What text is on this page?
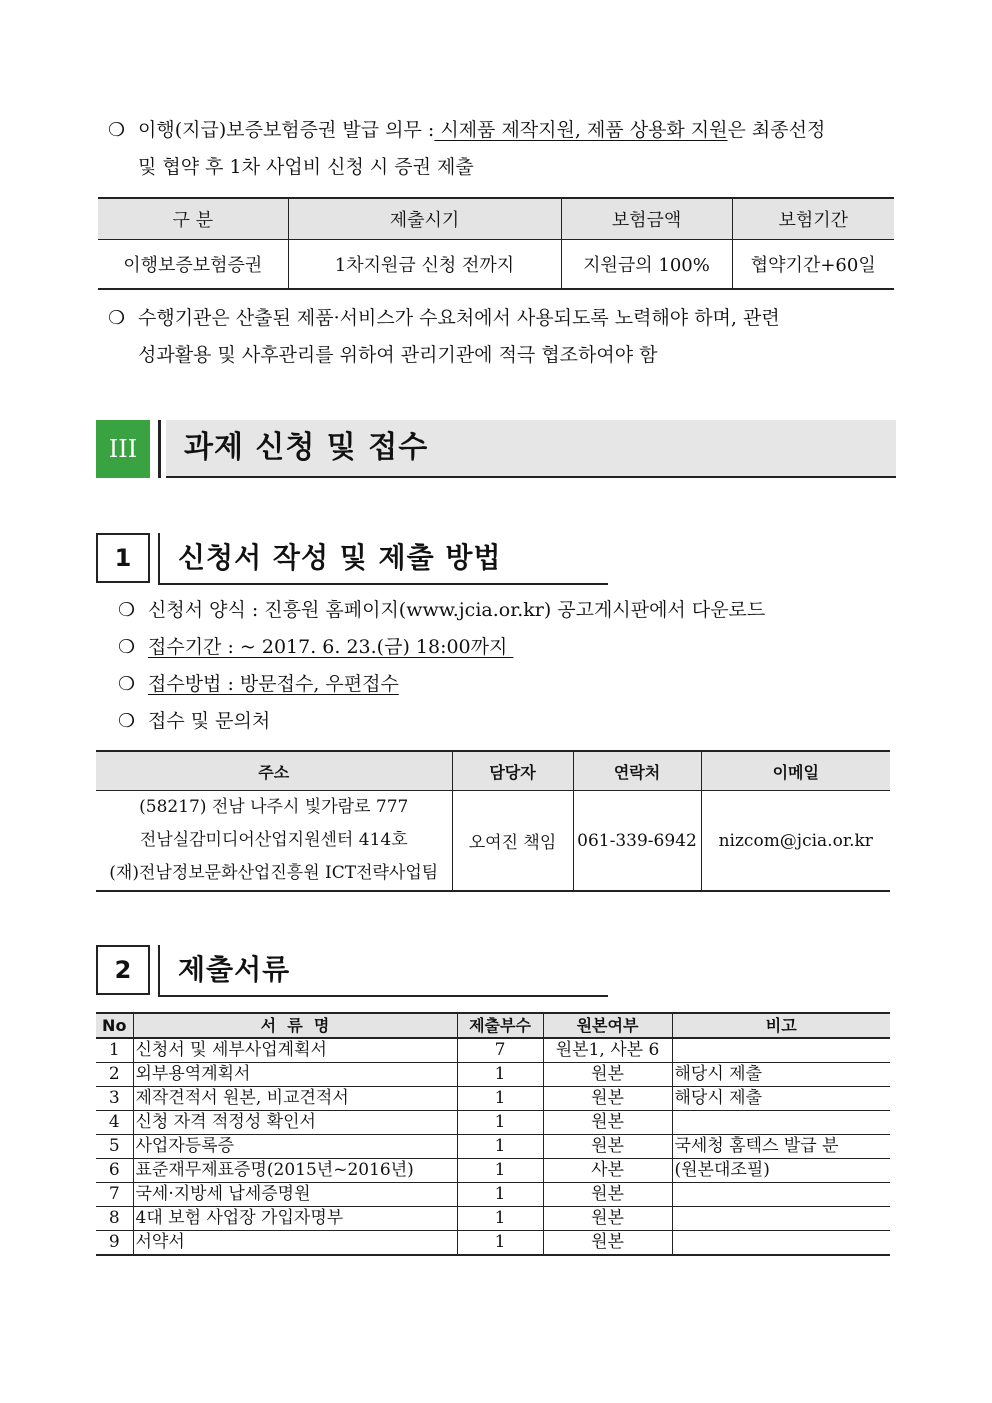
❍ 이행(지급)보증보험증권 발급 의무 : 시제품 제작지원, 제품 상용화 지원은 최종선정
및 협약 후 1차 사업비 신청 시 증권 제출
구 분	제출시기	보험금액	보험기간
이행보증보험증권	1차지원금 신청 전까지	지원금의 100%	협약기간+60일
❍ 수행기관은 산출된 제품·서비스가 수요처에서 사용되도록 노력해야 하며, 관련
성과활용 및 사후관리를 위하여 관리기관에 적극 협조하여야 함
III	과제 신청 및 접수
1	신청서 작성 및 제출 방법
❍ 신청서 양식 : 진흥원 홈페이지(www.jcia.or.kr) 공고게시판에서 다운로드
❍ 접수기간 : ~ 2017. 6. 23.(금) 18:00까지
❍ 접수방법 : 방문접수, 우편접수
❍ 접수 및 문의처
주소	담당자	연락처	이메일

(58217) 전남 나주시 빛가람로 777
전남실감미디어산업지원센터 414호
(재)전남정보문화산업진흥원 ICT전략사업팀	오여진 책임	061-339-6942	nizcom@jcia.or.kr
2	제출서류
No	서  류  명	제출부수	원본여부	비고
1	신청서 및 세부사업계획서	7	원본1, 사본 6	
2	외부용역계획서	1	원본	해당시 제출
3	제작견적서 원본, 비교견적서	1	원본	해당시 제출
4	신청 자격 적정성 확인서	1	원본	
5	사업자등록증	1	원본	국세청 홈텍스 발급 분
6	표준재무제표증명(2015년~2016년)	1	사본	(원본대조필)
7	국세·지방세 납세증명원	1	원본	
8	4대 보험 사업장 가입자명부	1	원본	
9	서약서	1	원본	
